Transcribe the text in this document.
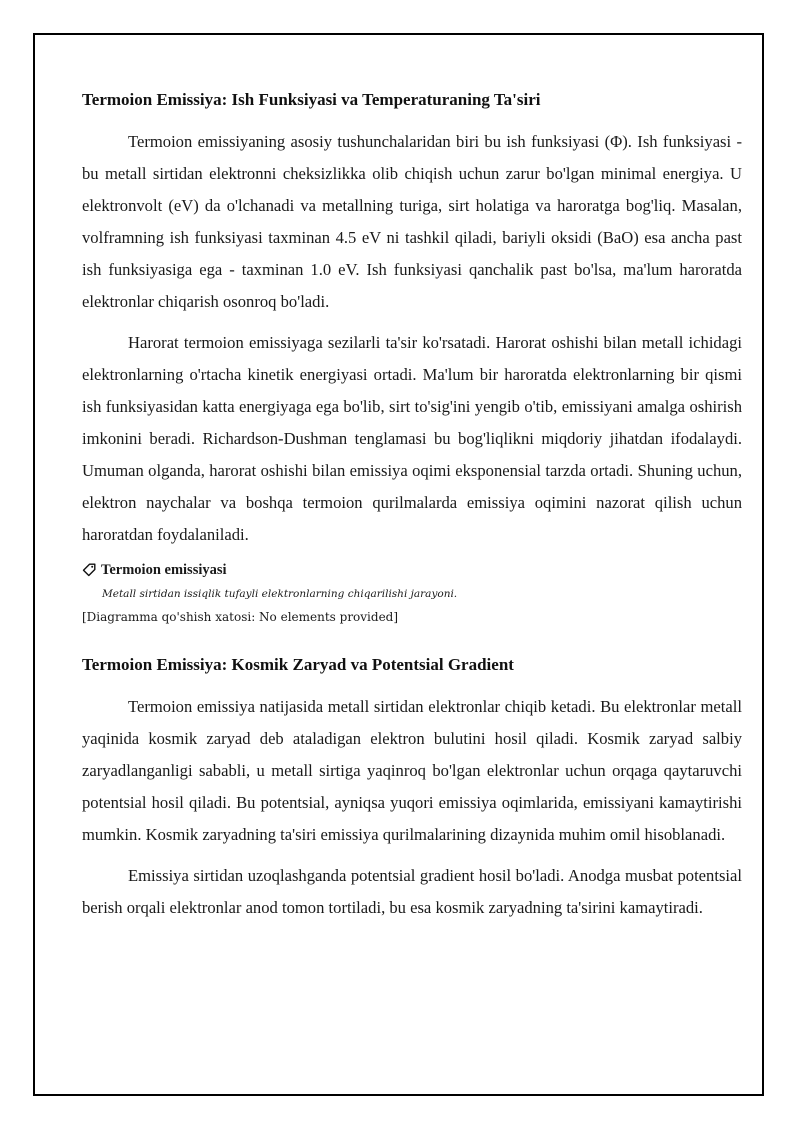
Termoion Emissiya: Ish Funksiyasi va Temperaturaning Ta'siri

Termoion emissiyaning asosiy tushunchalaridan biri bu ish funksiyasi (Φ). Ish funksiyasi - bu metall sirtidan elektronni cheksizlikka olib chiqish uchun zarur bo'lgan minimal energiya. U elektronvolt (eV) da o'lchanadi va metallning turiga, sirt holatiga va haroratga bog'liq. Masalan, volframning ish funksiyasi taxminan 4.5 eV ni tashkil qiladi, bariyli oksidi (BaO) esa ancha past ish funksiyasiga ega - taxminan 1.0 eV. Ish funksiyasi qanchalik past bo'lsa, ma'lum haroratda elektronlar chiqarish osonroq bo'ladi.

Harorat termoion emissiyaga sezilarli ta'sir ko'rsatadi. Harorat oshishi bilan metall ichidagi elektronlarning o'rtacha kinetik energiyasi ortadi. Ma'lum bir haroratda elektronlarning bir qismi ish funksiyasidan katta energiyaga ega bo'lib, sirt to'sig'ini yengib o'tib, emissiyani amalga oshirish imkonini beradi. Richardson-Dushman tenglamasi bu bog'liqlikni miqdoriy jihatdan ifodalaydi. Umuman olganda, harorat oshishi bilan emissiya oqimi eksponensial tarzda ortadi. Shuning uchun, elektron naychalar va boshqa termoion qurilmalarda emissiya oqimini nazorat qilish uchun haroratdan foydalaniladi.

Termoion emissiyasi
Metall sirtidan issiqlik tufayli elektronlarning chiqarilishi jarayoni.
[Diagramma qo'shish xatosi: No elements provided]
Termoion Emissiya: Kosmik Zaryad va Potentsial Gradient

Termoion emissiya natijasida metall sirtidan elektronlar chiqib ketadi. Bu elektronlar metall yaqinida kosmik zaryad deb ataladigan elektron bulutini hosil qiladi. Kosmik zaryad salbiy zaryadlanganligi sababli, u metall sirtiga yaqinroq bo'lgan elektronlar uchun orqaga qaytaruvchi potentsial hosil qiladi. Bu potentsial, ayniqsa yuqori emissiya oqimlarida, emissiyani kamaytirishi mumkin. Kosmik zaryadning ta'siri emissiya qurilmalarining dizaynida muhim omil hisoblanadi.

Emissiya sirtidan uzoqlashganda potentsial gradient hosil bo'ladi. Anodga musbat potentsial berish orqali elektronlar anod tomon tortiladi, bu esa kosmik zaryadning ta'sirini kamaytiradi.
